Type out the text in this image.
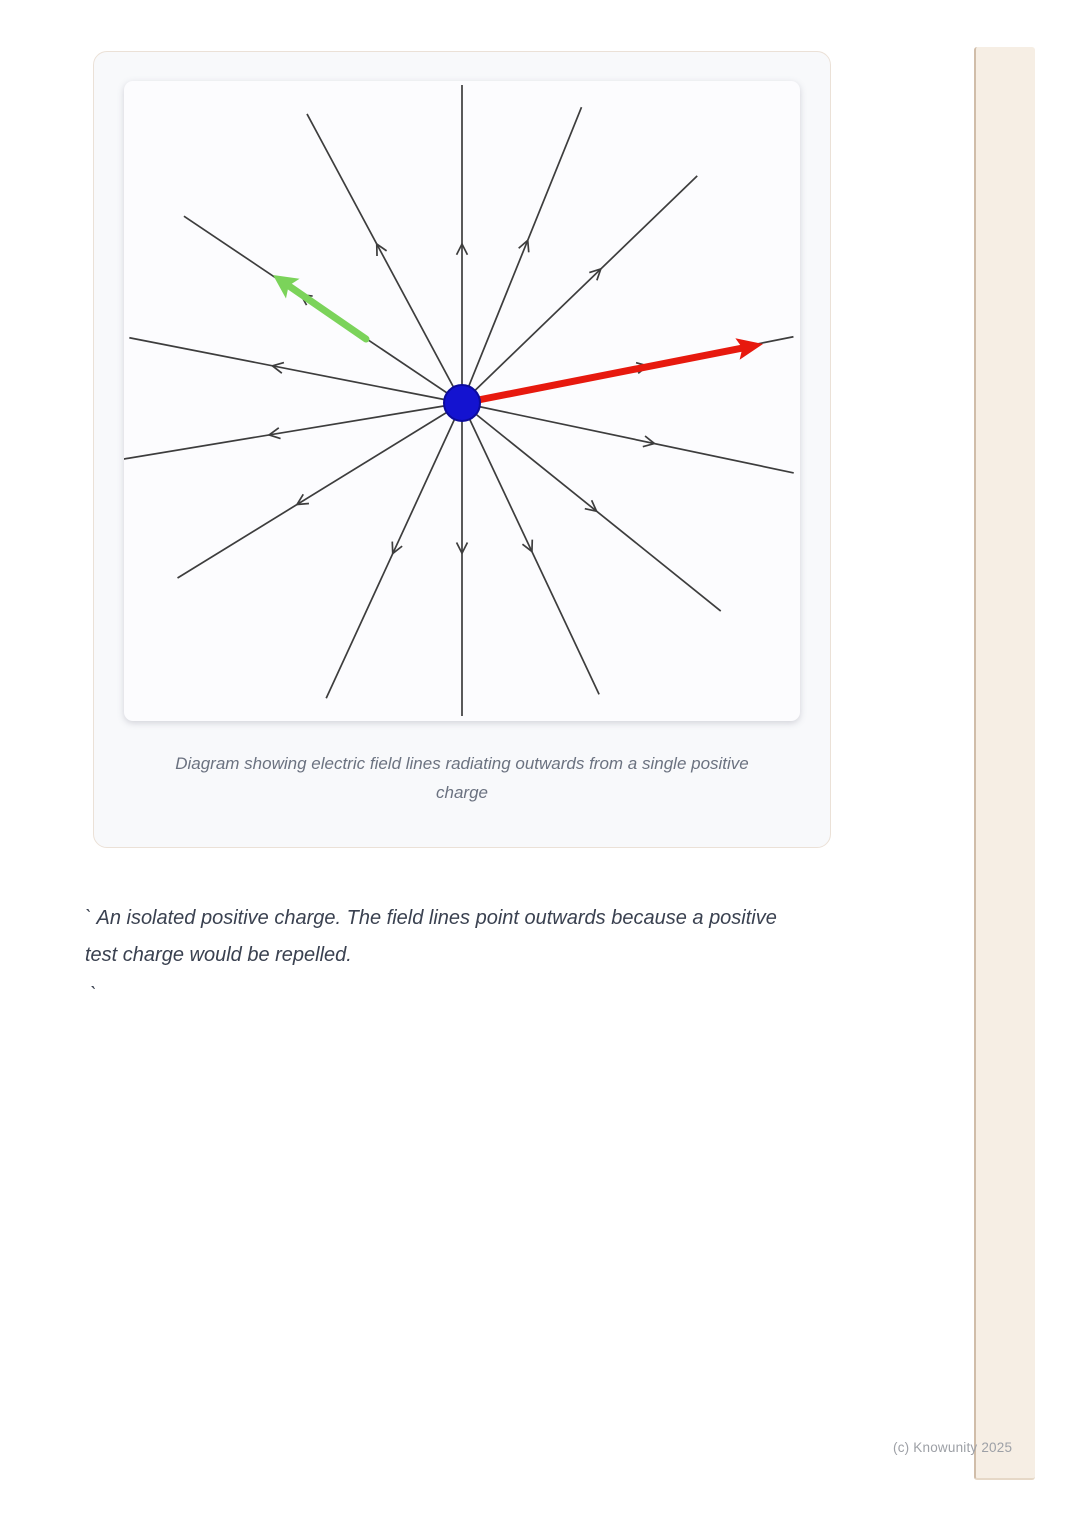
Diagram showing electric field lines radiating outwards from a single positive
charge
` An isolated positive charge. The field lines point outwards because a positive
test charge would be repelled.
`
(c) Knowunity 2025
